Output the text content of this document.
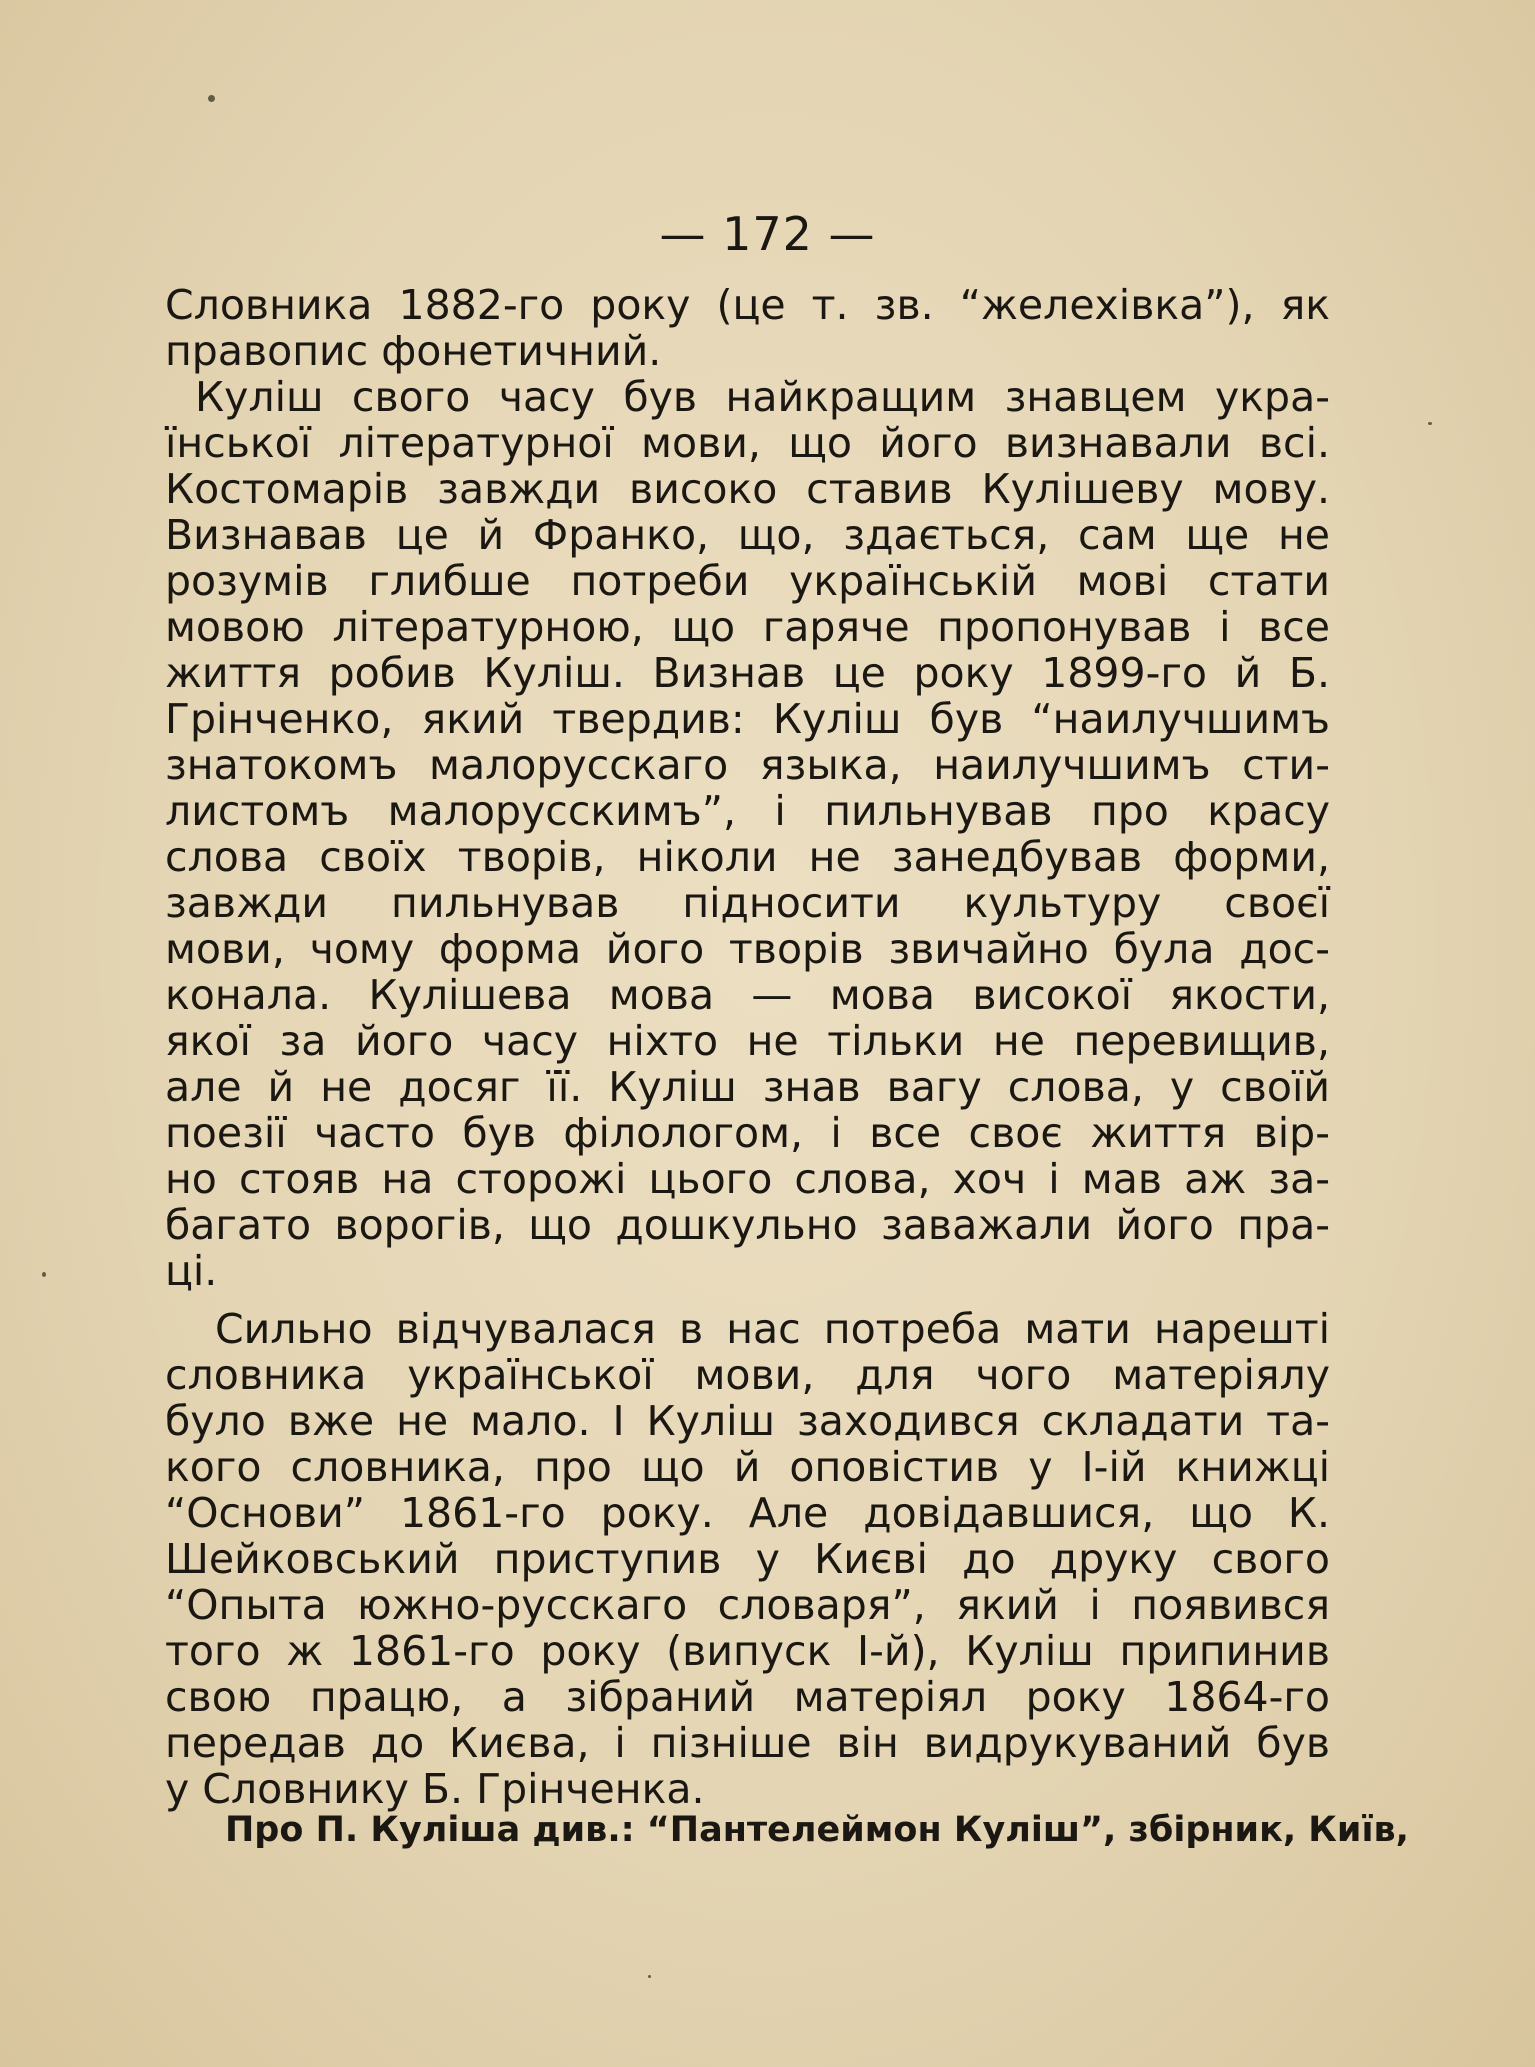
— 172 —
Словника 1882-го року (це т. зв. “желехівка”), як
правопис фонетичний.
Куліш свого часу був найкращим знавцем укра-
їнської літературної мови, що його визнавали всі.
Костомарів завжди високо ставив Кулішеву мову.
Визнавав це й Франко, що, здається, сам ще не
розумів глибше потреби українській мові стати
мовою літературною, що гаряче пропонував і все
життя робив Куліш. Визнав це року 1899-го й Б.
Грінченко, який твердив: Куліш був “наилучшимъ
знатокомъ малорусскаго языка, наилучшимъ сти-
листомъ малорусскимъ”, і пильнував про красу
слова своїх творів, ніколи не занедбував форми,
завжди пильнував підносити культуру своєї
мови, чому форма його творів звичайно була дос-
конала. Кулішева мова — мова високої якости,
якої за його часу ніхто не тільки не перевищив,
але й не досяг її. Куліш знав вагу слова, у своїй
поезії часто був філологом, і все своє життя вір-
но стояв на сторожі цього слова, хоч і мав аж за-
багато ворогів, що дошкульно заважали його пра-
ці.
Сильно відчувалася в нас потреба мати нарешті
словника української мови, для чого матеріялу
було вже не мало. І Куліш заходився складати та-
кого словника, про що й оповістив у І-ій книжці
“Основи” 1861-го року. Але довідавшися, що К.
Шейковський приступив у Києві до друку свого
“Опыта южно-русскаго словаря”, який і появився
того ж 1861-го року (випуск І-й), Куліш припинив
свою працю, а зібраний матеріял року 1864-го
передав до Києва, і пізніше він видрукуваний був
у Словнику Б. Грінченка.
Про П. Куліша див.: “Пантелеймон Куліш”, збірник, Київ,
